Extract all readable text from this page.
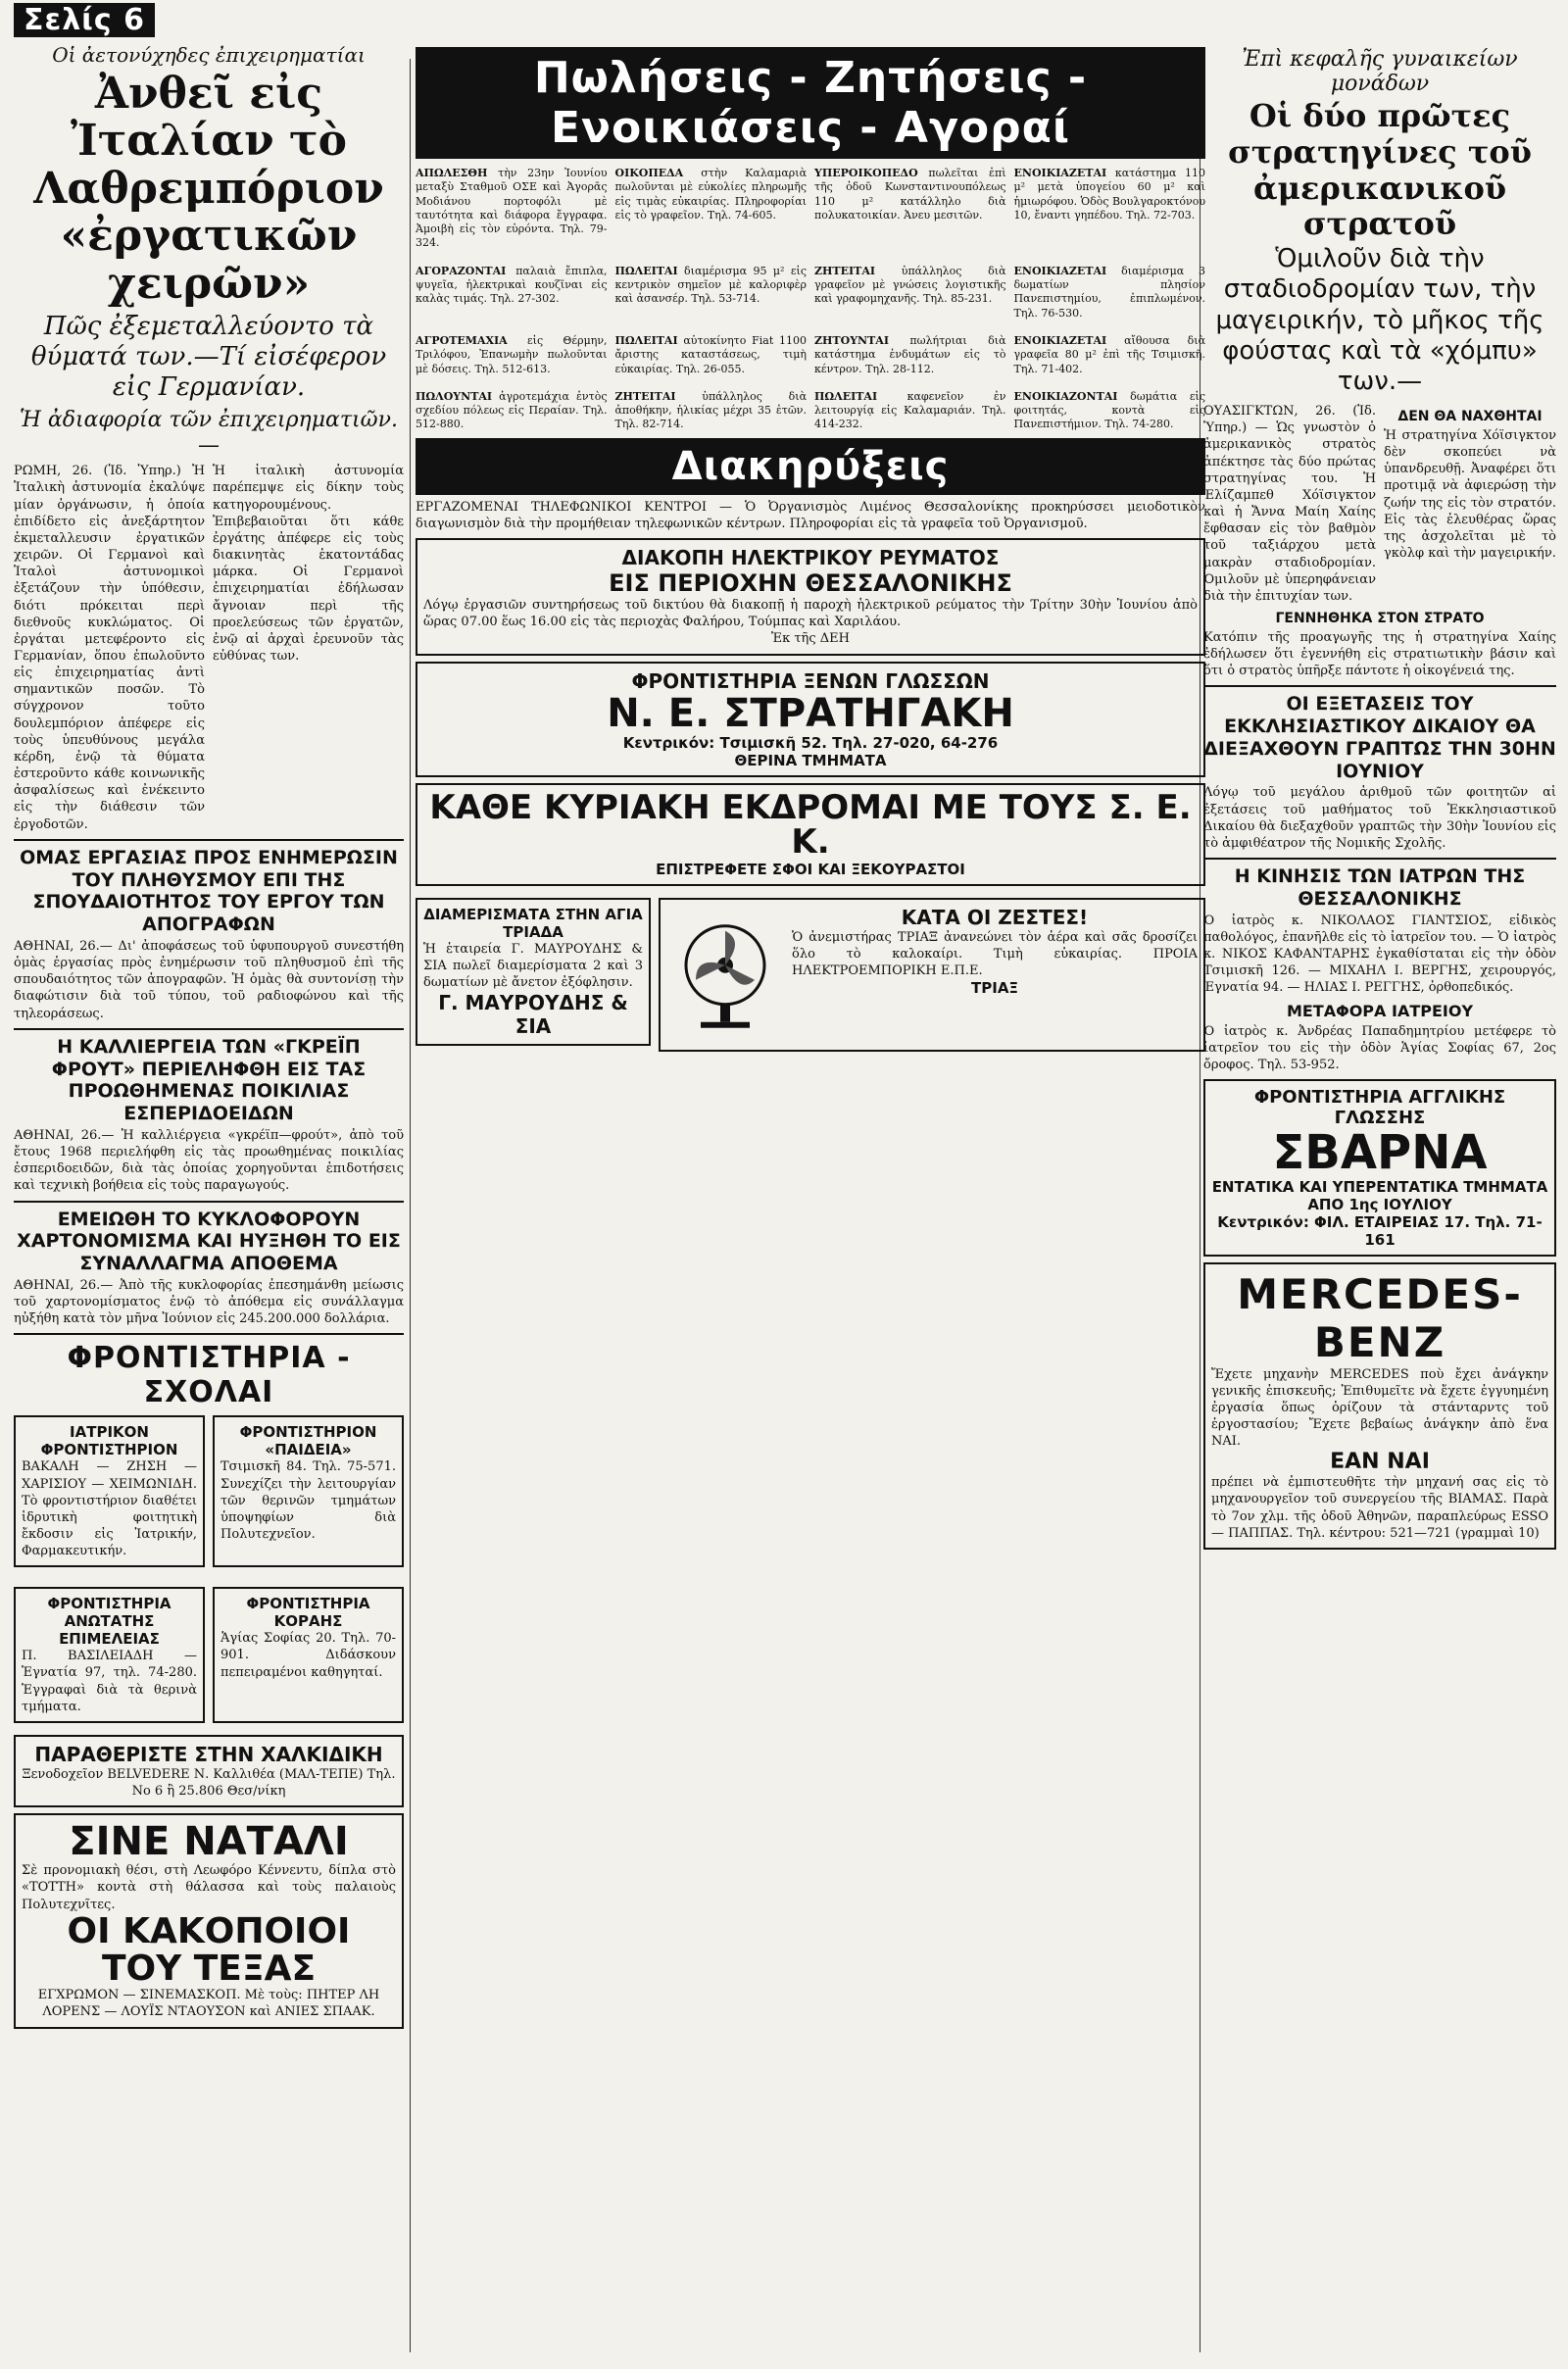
Σελίς 6
Οἱ ἀετονύχηδες ἐπιχειρηματίαι
Ἀνθεῖ εἰς Ἰταλίαν τὸ Λαθρεμπόριον «ἐργατικῶν χειρῶν»
Πῶς ἐξεμεταλλεύοντο τὰ θύματά των.—Τί εἰσέφερον εἰς Γερμανίαν.
Ἡ ἀδιαφορία τῶν ἐπιχειρηματιῶν.—

ΡΩΜΗ, 26. (Ἰδ. Ὑπηρ.) Ἡ Ἰταλικὴ ἀστυνομία ἐκαλύψε μίαν ὀργάνωσιν, ἡ ὁποία ἐπιδίδετο εἰς ἀνεξάρτητον ἐκμεταλλευσιν ἐργατικῶν χειρῶν. Οἱ Γερμανοὶ καὶ Ἰταλοὶ ἀστυνομικοὶ ἐξετάζουν τὴν ὑπόθεσιν, διότι πρόκειται περὶ διεθνοῦς κυκλώματος. Οἱ ἐργάται μετεφέροντο εἰς Γερμανίαν, ὅπου ἐπωλοῦντο εἰς ἐπιχειρηματίας ἀντὶ σημαντικῶν ποσῶν. Τὸ σύγχρονον τοῦτο δουλεμπόριον ἀπέφερε εἰς τοὺς ὑπευθύνους μεγάλα κέρδη, ἐνῷ τὰ θύματα ἐστεροῦντο κάθε κοινωνικῆς ἀσφαλίσεως καὶ ἐνέκειντο εἰς τὴν διάθεσιν τῶν ἐργοδοτῶν.

Ἡ ἰταλικὴ ἀστυνομία παρέπεμψε εἰς δίκην τοὺς κατηγορουμένους. Ἐπιβεβαιοῦται ὅτι κάθε ἐργάτης ἀπέφερε εἰς τοὺς διακινητὰς ἑκατοντάδας μάρκα. Οἱ Γερμανοὶ ἐπιχειρηματίαι ἐδήλωσαν ἄγνοιαν περὶ τῆς προελεύσεως τῶν ἐργατῶν, ἐνῷ αἱ ἀρχαὶ ἐρευνοῦν τὰς εὐθύνας των.

ΟΜΑΣ ΕΡΓΑΣΙΑΣ ΠΡΟΣ ΕΝΗΜΕΡΩΣΙΝ ΤΟΥ ΠΛΗΘΥΣΜΟΥ ΕΠΙ ΤΗΣ ΣΠΟΥΔΑΙΟΤΗΤΟΣ ΤΟΥ ΕΡΓΟΥ ΤΩΝ ΑΠΟΓΡΑΦΩΝ

ΑΘΗΝΑΙ, 26.— Δι' ἀποφάσεως τοῦ ὑφυπουργοῦ συνεστήθη ὁμὰς ἐργασίας πρὸς ἐνημέρωσιν τοῦ πληθυσμοῦ ἐπὶ τῆς σπουδαιότητος τῶν ἀπογραφῶν. Ἡ ὁμὰς θὰ συντονίσῃ τὴν διαφώτισιν διὰ τοῦ τύπου, τοῦ ραδιοφώνου καὶ τῆς τηλεοράσεως.

Η ΚΑΛΛΙΕΡΓΕΙΑ ΤΩΝ «ΓΚΡΕΪΠ ΦΡΟΥΤ» ΠΕΡΙΕΛΗΦΘΗ ΕΙΣ ΤΑΣ ΠΡΟΩΘΗΜΕΝΑΣ ΠΟΙΚΙΛΙΑΣ ΕΣΠΕΡΙΔΟΕΙΔΩΝ

ΑΘΗΝΑΙ, 26.— Ἡ καλλιέργεια «γκρέϊπ—φρούτ», ἀπὸ τοῦ ἔτους 1968 περιελήφθη εἰς τὰς προωθημένας ποικιλίας ἐσπεριδοειδῶν, διὰ τὰς ὁποίας χορηγοῦνται ἐπιδοτήσεις καὶ τεχνικὴ βοήθεια εἰς τοὺς παραγωγούς.

ΕΜΕΙΩΘΗ ΤΟ ΚΥΚΛΟΦΟΡΟΥΝ ΧΑΡΤΟΝΟΜΙΣΜΑ ΚΑΙ ΗΥΞΗΘΗ ΤΟ ΕΙΣ ΣΥΝΑΛΛΑΓΜΑ ΑΠΟΘΕΜΑ

ΑΘΗΝΑΙ, 26.— Ἀπὸ τῆς κυκλοφορίας ἐπεσημάνθη μείωσις τοῦ χαρτονομίσματος ἐνῷ τὸ ἀπόθεμα εἰς συνάλλαγμα ηὐξήθη κατὰ τὸν μῆνα Ἰούνιον εἰς 245.200.000 δολλάρια.

ΦΡΟΝΤΙΣΤΗΡΙΑ - ΣΧΟΛΑΙ
ΙΑΤΡΙΚΟΝ ΦΡΟΝΤΙΣΤΗΡΙΟΝ

ΒΑΚΑΛΗ — ΖΗΣΗ — ΧΑΡΙΣΙΟΥ — ΧΕΙΜΩΝΙΔΗ. Τὸ φροντιστήριον διαθέτει ἱδρυτικὴ φοιτητικὴ ἔκδοσιν εἰς Ἰατρικήν, Φαρμακευτικήν.

ΦΡΟΝΤΙΣΤΗΡΙΟΝ «ΠΑΙΔΕΙΑ»

Τσιμισκῆ 84. Τηλ. 75-571. Συνεχίζει τὴν λειτουργίαν τῶν θερινῶν τμημάτων ὑποψηφίων διὰ Πολυτεχνεῖον.

ΦΡΟΝΤΙΣΤΗΡΙΑ ΑΝΩΤΑΤΗΣ ΕΠΙΜΕΛΕΙΑΣ

Π. ΒΑΣΙΛΕΙΑΔΗ — Ἐγνατία 97, τηλ. 74-280. Ἐγγραφαὶ διὰ τὰ θερινὰ τμήματα.

ΦΡΟΝΤΙΣΤΗΡΙΑ ΚΟΡΑΗΣ

Ἁγίας Σοφίας 20. Τηλ. 70-901. Διδάσκουν πεπειραμένοι καθηγηταί.

ΠΑΡΑΘΕΡΙΣΤΕ ΣΤΗΝ ΧΑΛΚΙΔΙΚΗ

Ξενοδοχεῖον BELVEDERE Ν. Καλλιθέα (ΜΑΛ-ΤΕΠΕ) Τηλ. No 6 ἢ 25.806 Θεσ/νίκη

ΣΙΝΕ ΝΑΤΑΛΙ

Σὲ προνομιακὴ θέσι, στὴ Λεωφόρο Κέννεντυ, δίπλα στὸ «ΤΟΤΤΗ» κοντὰ στὴ θάλασσα καὶ τοὺς παλαιοὺς Πολυτεχνῖτες.

ΟΙ ΚΑΚΟΠΟΙΟΙ ΤΟΥ ΤΕΞΑΣ

ΕΓΧΡΩΜΟΝ — ΣΙΝΕΜΑΣΚΟΠ. Μὲ τοὺς: ΠΗΤΕΡ ΛΗ ΛΟΡΕΝΣ — ΛΟΥΪΣ ΝΤΑΟΥΣΟΝ καὶ ΑΝΙΕΣ ΣΠΑΑΚ.

Πωλήσεις - Ζητήσεις - Ενοικιάσεις - Αγοραί

ΑΠΩΛΕΣΘΗ τὴν 23ην Ἰουνίου μεταξὺ Σταθμοῦ ΟΣΕ καὶ Ἀγορᾶς Μοδιάνου πορτοφόλι μὲ ταυτότητα καὶ διάφορα ἔγγραφα. Ἀμοιβὴ εἰς τὸν εὑρόντα. Τηλ. 79-324.

ΟΙΚΟΠΕΔΑ στὴν Καλαμαριὰ πωλοῦνται μὲ εὐκολίες πληρωμῆς εἰς τιμὰς εὐκαιρίας. Πληροφορίαι εἰς τὸ γραφεῖον. Τηλ. 74-605.

ΥΠΕΡΟΙΚΟΠΕΔΟ πωλεῖται ἐπὶ τῆς ὁδοῦ Κωνσταντινουπόλεως 110 μ² κατάλληλο διὰ πολυκατοικίαν. Ἀνευ μεσιτῶν.

ΕΝΟΙΚΙΑΖΕΤΑΙ κατάστημα 110 μ² μετὰ ὑπογείου 60 μ² καὶ ἡμιωρόφου. Ὁδὸς Βουλγαροκτόνου 10, ἔναντι γηπέδου. Τηλ. 72-703.

ΑΓΟΡΑΖΟΝΤΑΙ παλαιὰ ἔπιπλα, ψυγεῖα, ἠλεκτρικαὶ κουζῖναι εἰς καλὰς τιμάς. Τηλ. 27-302.

ΠΩΛΕΙΤΑΙ διαμέρισμα 95 μ² εἰς κεντρικὸν σημεῖον μὲ καλοριφὲρ καὶ ἀσανσέρ. Τηλ. 53-714.

ΖΗΤΕΙΤΑΙ ὑπάλληλος διὰ γραφεῖον μὲ γνώσεις λογιστικῆς καὶ γραφομηχανῆς. Τηλ. 85-231.

ΕΝΟΙΚΙΑΖΕΤΑΙ διαμέρισμα 3 δωματίων πλησίον Πανεπιστημίου, ἐπιπλωμένον. Τηλ. 76-530.

ΑΓΡΟΤΕΜΑΧΙΑ εἰς Θέρμην, Τριλόφου, Ἐπανωμὴν πωλοῦνται μὲ δόσεις. Τηλ. 512-613.

ΠΩΛΕΙΤΑΙ αὐτοκίνητο Fiat 1100 ἄριστης καταστάσεως, τιμὴ εὐκαιρίας. Τηλ. 26-055.

ΖΗΤΟΥΝΤΑΙ πωλήτριαι διὰ κατάστημα ἐνδυμάτων εἰς τὸ κέντρον. Τηλ. 28-112.

ΕΝΟΙΚΙΑΖΕΤΑΙ αἴθουσα διὰ γραφεῖα 80 μ² ἐπὶ τῆς Τσιμισκῆ. Τηλ. 71-402.

ΠΩΛΟΥΝΤΑΙ ἀγροτεμάχια ἐντὸς σχεδίου πόλεως εἰς Περαίαν. Τηλ. 512-880.

ΖΗΤΕΙΤΑΙ ὑπάλληλος διὰ ἀποθήκην, ἡλικίας μέχρι 35 ἐτῶν. Τηλ. 82-714.

ΠΩΛΕΙΤΑΙ	καφενεῖον ἐν λειτουργίᾳ εἰς Καλαμαριάν. Τηλ. 414-232.

ΕΝΟΙΚΙΑΖΟΝΤΑΙ δωμάτια εἰς φοιτητάς, κοντὰ εἰς Πανεπιστήμιον. Τηλ. 74-280.

Διακηρύξεις

ΕΡΓΑΖΟΜΕΝΑΙ ΤΗΛΕΦΩΝΙΚΟΙ ΚΕΝΤΡΟΙ — Ὁ Ὀργανισμὸς Λιμένος Θεσσαλονίκης προκηρύσσει μειοδοτικὸν διαγωνισμὸν διὰ τὴν προμήθειαν τηλεφωνικῶν κέντρων. Πληροφορίαι εἰς τὰ γραφεῖα τοῦ Ὀργανισμοῦ.

ΔΙΑΚΟΠΗ ΗΛΕΚΤΡΙΚΟΥ ΡΕΥΜΑΤΟΣ
ΕΙΣ ΠΕΡΙΟΧΗΝ ΘΕΣΣΑΛΟΝΙΚΗΣ

Λόγῳ ἐργασιῶν συντηρήσεως τοῦ δικτύου θὰ διακοπῇ ἡ παροχὴ ἡλεκτρικοῦ ρεύματος τὴν Τρίτην 30ὴν Ἰουνίου ἀπὸ ὥρας 07.00 ἕως 16.00 εἰς τὰς περιοχὰς Φαλήρου, Τούμπας καὶ Χαριλάου.

Ἐκ τῆς ΔΕΗ

ΦΡΟΝΤΙΣΤΗΡΙΑ ΞΕΝΩΝ ΓΛΩΣΣΩΝ
Ν. Ε. ΣΤΡΑΤΗΓΑΚΗ
Κεντρικόν: Τσιμισκῆ 52. Τηλ. 27-020, 64-276
ΘΕΡΙΝΑ ΤΜΗΜΑΤΑ
ΚΑΘΕ ΚΥΡΙΑΚΗ ΕΚΔΡΟΜΑΙ ΜΕ ΤΟΥΣ Σ. Ε. Κ.
ΕΠΙΣΤΡΕΦΕΤΕ ΣΦΟΙ ΚΑΙ ΞΕΚΟΥΡΑΣΤΟΙ
ΔΙΑΜΕΡΙΣΜΑΤΑ ΣΤΗΝ ΑΓΙΑ ΤΡΙΑΔΑ

Ἡ ἑταιρεία Γ. ΜΑΥΡΟΥΔΗΣ & ΣΙΑ πωλεῖ διαμερίσματα 2 καὶ 3 δωματίων μὲ ἄνετον ἐξόφλησιν.

Γ. ΜΑΥΡΟΥΔΗΣ & ΣΙΑ
ΚΑΤΑ ΟΙ ΖΕΣΤΕΣ!

Ὁ ἀνεμιστήρας ΤΡΙΑΞ ἀνανεώνει τὸν ἀέρα καὶ σᾶς δροσίζει ὅλο τὸ καλοκαίρι. Τιμὴ εὐκαιρίας. ΠΡΟΙΑ ΗΛΕΚΤΡΟΕΜΠΟΡΙΚΗ Ε.Π.Ε.

ΤΡΙΑΞ
Ἐπὶ κεφαλῆς γυναικείων μονάδων
Οἱ δύο πρῶτες στρατηγίνες τοῦ ἀμερικανικοῦ στρατοῦ
Ὁμιλοῦν διὰ τὴν σταδιοδρομίαν των, τὴν μαγειρικήν, τὸ μῆκος τῆς φούστας καὶ τὰ «χόμπυ» των.—

ΟΥΑΣΙΓΚΤΩΝ, 26. (Ἰδ. Ὑπηρ.) — Ὡς γνωστὸν ὁ ἀμερικανικὸς στρατὸς ἀπέκτησε τὰς δύο πρώτας στρατηγίνας του. Ἡ Ἐλίζαμπεθ Χόϊσιγκτον καὶ ἡ Ἄννα Μαίη Χαίης ἔφθασαν εἰς τὸν βαθμὸν τοῦ ταξιάρχου μετὰ μακρὰν σταδιοδρομίαν. Ὁμιλοῦν μὲ ὑπερηφάνειαν διὰ τὴν ἐπιτυχίαν των.

ΔΕΝ ΘΑ ΝΑΧΘΗΤΑΙ

Ἡ στρατηγίνα Χόϊσιγκτον δὲν σκοπεύει νὰ ὑπανδρευθῇ. Ἀναφέρει ὅτι προτιμᾷ νὰ ἀφιερώσῃ τὴν ζωήν της εἰς τὸν στρατόν. Εἰς τὰς ἐλευθέρας ὥρας της ἀσχολεῖται μὲ τὸ γκὸλφ καὶ τὴν μαγειρικήν.

ΓΕΝΝΗΘΗΚΑ ΣΤΟΝ ΣΤΡΑΤΟ

Κατόπιν τῆς προαγωγῆς της ἡ στρατηγίνα Χαίης ἐδήλωσεν ὅτι ἐγεννήθη εἰς στρατιωτικὴν βάσιν καὶ ὅτι ὁ στρατὸς ὑπῆρξε πάντοτε ἡ οἰκογένειά της.

ΟΙ ΕΞΕΤΑΣΕΙΣ ΤΟΥ ΕΚΚΛΗΣΙΑΣΤΙΚΟΥ ΔΙΚΑΙΟΥ ΘΑ ΔΙΕΞΑΧΘΟΥΝ ΓΡΑΠΤΩΣ ΤΗΝ 30ΗΝ ΙΟΥΝΙΟΥ

Λόγῳ τοῦ μεγάλου ἀριθμοῦ τῶν φοιτητῶν αἱ ἐξετάσεις τοῦ μαθήματος τοῦ Ἐκκλησιαστικοῦ Δικαίου θὰ διεξαχθοῦν γραπτῶς τὴν 30ὴν Ἰουνίου εἰς τὸ ἀμφιθέατρον τῆς Νομικῆς Σχολῆς.

Η ΚΙΝΗΣΙΣ ΤΩΝ ΙΑΤΡΩΝ ΤΗΣ ΘΕΣΣΑΛΟΝΙΚΗΣ

Ὁ ἰατρὸς κ. ΝΙΚΟΛΑΟΣ ΓΙΑΝΤΣΙΟΣ, εἰδικὸς παθολόγος, ἐπανῆλθε εἰς τὸ ἰατρεῖον του. — Ὁ ἰατρὸς κ. ΝΙΚΟΣ ΚΑΦΑΝΤΑΡΗΣ ἐγκαθίσταται εἰς τὴν ὁδὸν Τσιμισκῆ 126. — ΜΙΧΑΗΛ Ι. ΒΕΡΓΗΣ, χειρουργός, Ἐγνατία 94. — ΗΛΙΑΣ Ι. ΡΕΓΓΗΣ, ὀρθοπεδικός.

ΜΕΤΑΦΟΡΑ ΙΑΤΡΕΙΟΥ

Ὁ ἰατρὸς κ. Ἀνδρέας Παπαδημητρίου μετέφερε τὸ ἰατρεῖον του εἰς τὴν ὁδὸν Ἁγίας Σοφίας 67, 2ος ὄροφος. Τηλ. 53-952.

ΦΡΟΝΤΙΣΤΗΡΙΑ ΑΓΓΛΙΚΗΣ ΓΛΩΣΣΗΣ
ΣΒΑΡΝΑ
ΕΝΤΑΤΙΚΑ ΚΑΙ ΥΠΕΡΕΝΤΑΤΙΚΑ ΤΜΗΜΑΤΑ ΑΠΟ 1ης ΙΟΥΛΙΟΥ
Κεντρικόν: ΦΙΛ. ΕΤΑΙΡΕΙΑΣ 17. Τηλ. 71-161
MERCEDES-BENZ

Ἔχετε μηχανὴν MERCEDES ποὺ ἔχει ἀνάγκην γενικῆς ἐπισκευῆς; Ἐπιθυμεῖτε νὰ ἔχετε ἐγγυημένη ἐργασία ὅπως ὁρίζουν τὰ στάνταρντς τοῦ ἐργοστασίου; Ἔχετε βεβαίως ἀνάγκην ἀπὸ ἕνα ΝΑΙ.

ΕΑΝ ΝΑΙ

πρέπει νὰ ἐμπιστευθῆτε τὴν μηχανή σας εἰς τὸ μηχανουργεῖον τοῦ συνεργείου τῆς ΒΙΑΜΑΣ. Παρὰ τὸ 7ον χλμ. τῆς ὁδοῦ Ἀθηνῶν, παραπλεύρως ESSO — ΠΑΠΠΑΣ. Τηλ. κέντρου: 521—721 (γραμμαὶ 10)
